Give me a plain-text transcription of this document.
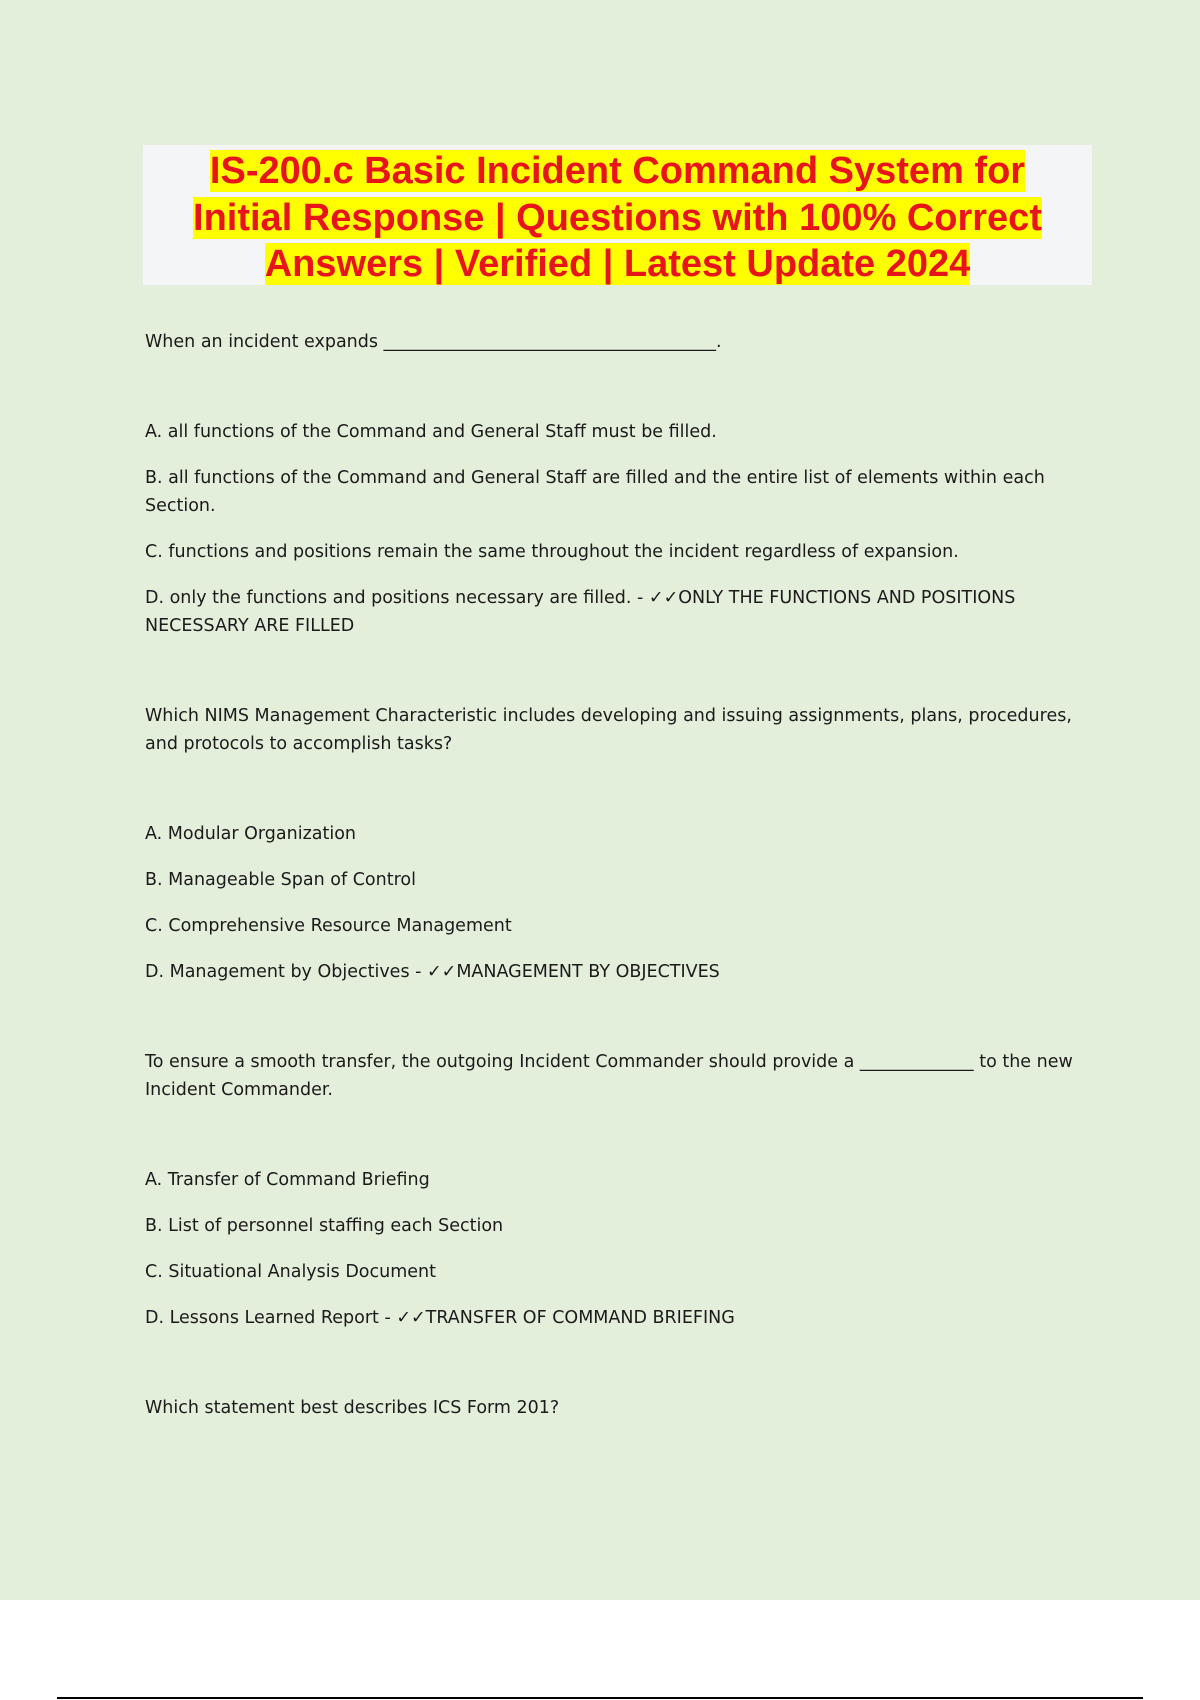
IS-200.c Basic Incident Command System for
Initial Response | Questions with 100% Correct
Answers | Verified | Latest Update 2024

When an incident expands ______________________________________.

A. all functions of the Command and General Staff must be filled.

B. all functions of the Command and General Staff are filled and the entire list of elements within each Section.

C. functions and positions remain the same throughout the incident regardless of expansion.

D. only the functions and positions necessary are filled. - ✓✓ONLY THE FUNCTIONS AND POSITIONS NECESSARY ARE FILLED

Which NIMS Management Characteristic includes developing and issuing assignments, plans, procedures, and protocols to accomplish tasks?

A. Modular Organization

B. Manageable Span of Control

C. Comprehensive Resource Management

D. Management by Objectives - ✓✓MANAGEMENT BY OBJECTIVES

To ensure a smooth transfer, the outgoing Incident Commander should provide a _____________ to the new Incident Commander.

A. Transfer of Command Briefing

B. List of personnel staffing each Section

C. Situational Analysis Document

D. Lessons Learned Report - ✓✓TRANSFER OF COMMAND BRIEFING

Which statement best describes ICS Form 201?
